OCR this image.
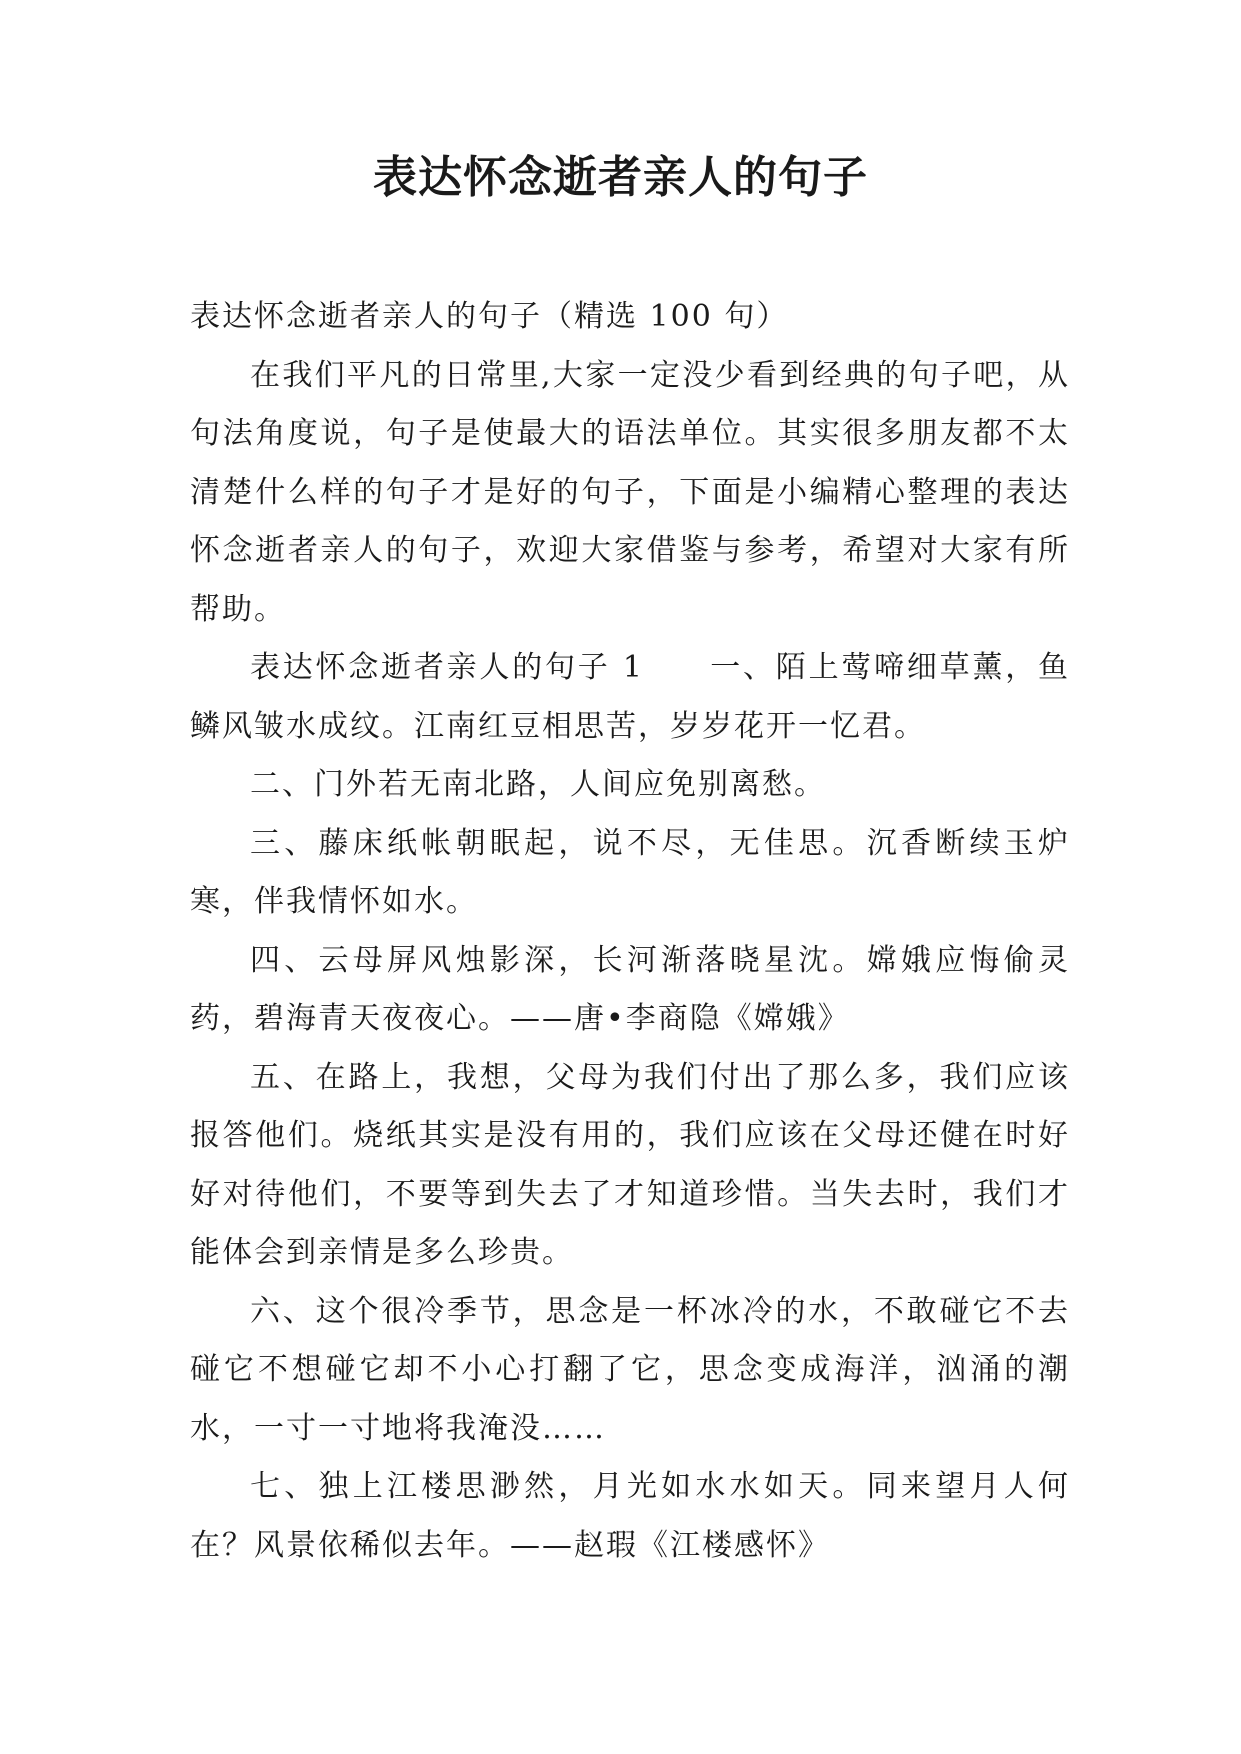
表达怀念逝者亲人的句子

表达怀念逝者亲人的句子（精选 100 句）

在我们平凡的日常里,大家一定没少看到经典的句子吧，从句法角度说，句子是使最大的语法单位。其实很多朋友都不太清楚什么样的句子才是好的句子，下面是小编精心整理的表达怀念逝者亲人的句子，欢迎大家借鉴与参考，希望对大家有所帮助。

表达怀念逝者亲人的句子 1　　一、陌上莺啼细草薰，鱼鳞风皱水成纹。江南红豆相思苦，岁岁花开一忆君。

二、门外若无南北路，人间应免别离愁。

三、藤床纸帐朝眠起，说不尽，无佳思。沉香断续玉炉寒，伴我情怀如水。

四、云母屏风烛影深，长河渐落晓星沈。嫦娥应悔偷灵药，碧海青天夜夜心。——唐•李商隐《嫦娥》

五、在路上，我想，父母为我们付出了那么多，我们应该报答他们。烧纸其实是没有用的，我们应该在父母还健在时好好对待他们，不要等到失去了才知道珍惜。当失去时，我们才能体会到亲情是多么珍贵。

六、这个很冷季节，思念是一杯冰冷的水，不敢碰它不去碰它不想碰它却不小心打翻了它，思念变成海洋，汹涌的潮水，一寸一寸地将我淹没……

七、独上江楼思渺然，月光如水水如天。同来望月人何在？风景依稀似去年。——赵瑕《江楼感怀》
